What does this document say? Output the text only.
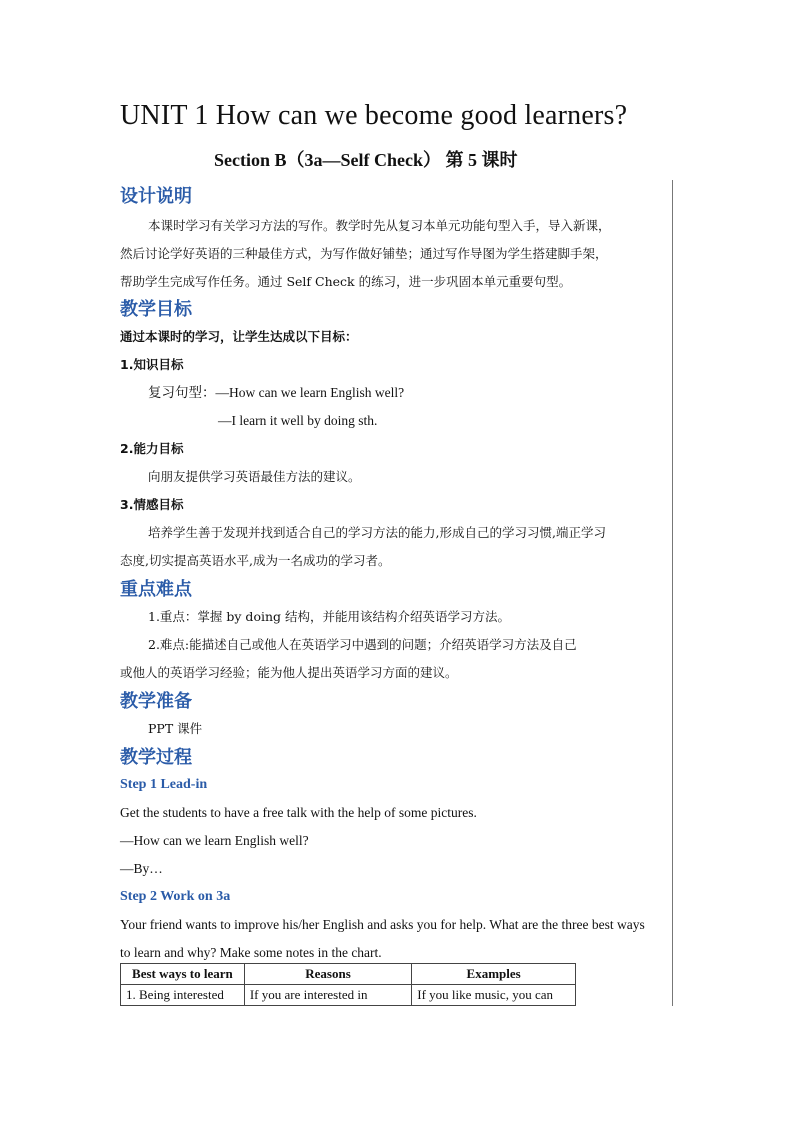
UNIT 1 How can we become good learners?
Section B（3a—Self Check） 第 5 课时
设计说明
本课时学习有关学习方法的写作。教学时先从复习本单元功能句型入手，导入新课，
然后讨论学好英语的三种最佳方式，为写作做好铺垫；通过写作导图为学生搭建脚手架，
帮助学生完成写作任务。通过 Self Check 的练习，进一步巩固本单元重要句型。
教学目标
通过本课时的学习，让学生达成以下目标：
1.知识目标
复习句型：—How can we learn English well?
—I learn it well by doing sth.
2.能力目标
向朋友提供学习英语最佳方法的建议。
3.情感目标
培养学生善于发现并找到适合自己的学习方法的能力,形成自己的学习习惯,端正学习
态度,切实提高英语水平,成为一名成功的学习者。
重点难点
1.重点：掌握 by doing 结构，并能用该结构介绍英语学习方法。
2.难点:能描述自己或他人在英语学习中遇到的问题；介绍英语学习方法及自己
或他人的英语学习经验；能为他人提出英语学习方面的建议。
教学准备
PPT 课件
教学过程
Step 1 Lead-in
Get the students to have a free talk with the help of some pictures.
—How can we learn English well?
—By…
Step 2 Work on 3a
Your friend wants to improve his/her English and asks you for help. What are the three best ways
to learn and why? Make some notes in the chart.
Best ways to learn	Reasons	Examples
1. Being interested	If you are interested in	If you like music, you can
